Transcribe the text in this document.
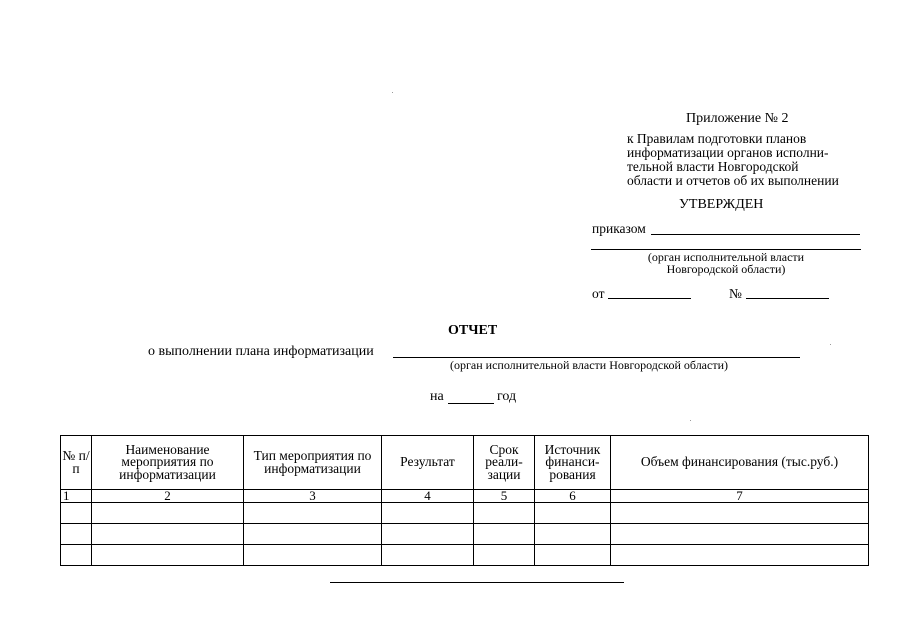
Приложение № 2
к Правилам подготовки планов
информатизации органов исполни-
тельной власти Новгородской
области и отчетов об их выполнении
УТВЕРЖДЕН
приказом
(орган исполнительной власти
Новгородской области)
от	№
ОТЧЕТ
о выполнении плана информатизации
(орган исполнительной власти Новгородской области)
на	год
№ п/п	Наименование мероприятия по информатизации	Тип мероприятия по информатизации	Результат	Срок реали- зации	Источник финанси- рования	Объем финансирования (тыс.руб.)
1	2	3	4	5	6	7
